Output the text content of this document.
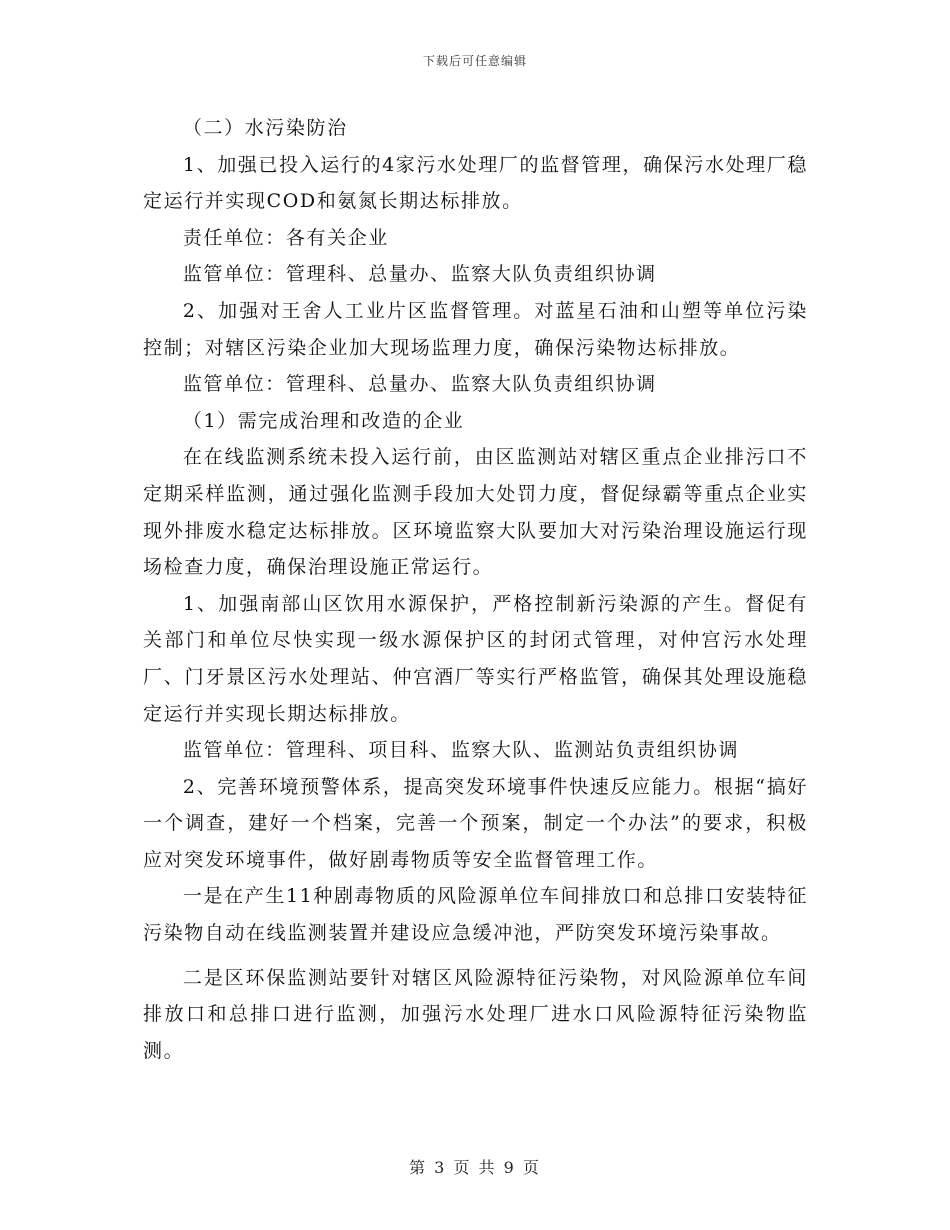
下载后可任意编辑

（二）水污染防治

1、加强已投入运行的4家污水处理厂的监督管理，确保污水处理厂稳定运行并实现COD和氨氮长期达标排放。

责任单位：各有关企业

监管单位：管理科、总量办、监察大队负责组织协调

2、加强对王舍人工业片区监督管理。对蓝星石油和山塑等单位污染控制；对辖区污染企业加大现场监理力度，确保污染物达标排放。

监管单位：管理科、总量办、监察大队负责组织协调

（1）需完成治理和改造的企业

在在线监测系统未投入运行前，由区监测站对辖区重点企业排污口不定期采样监测，通过强化监测手段加大处罚力度，督促绿霸等重点企业实现外排废水稳定达标排放。区环境监察大队要加大对污染治理设施运行现场检查力度，确保治理设施正常运行。

1、加强南部山区饮用水源保护，严格控制新污染源的产生。督促有关部门和单位尽快实现一级水源保护区的封闭式管理，对仲宫污水处理厂、门牙景区污水处理站、仲宫酒厂等实行严格监管，确保其处理设施稳定运行并实现长期达标排放。

监管单位：管理科、项目科、监察大队、监测站负责组织协调

2、完善环境预警体系，提高突发环境事件快速反应能力。根据“搞好一个调查，建好一个档案，完善一个预案，制定一个办法”的要求，积极应对突发环境事件，做好剧毒物质等安全监督管理工作。

一是在产生11种剧毒物质的风险源单位车间排放口和总排口安装特征污染物自动在线监测装置并建设应急缓冲池，严防突发环境污染事故。

二是区环保监测站要针对辖区风险源特征污染物，对风险源单位车间排放口和总排口进行监测，加强污水处理厂进水口风险源特征污染物监测。

第 3 页 共 9 页
